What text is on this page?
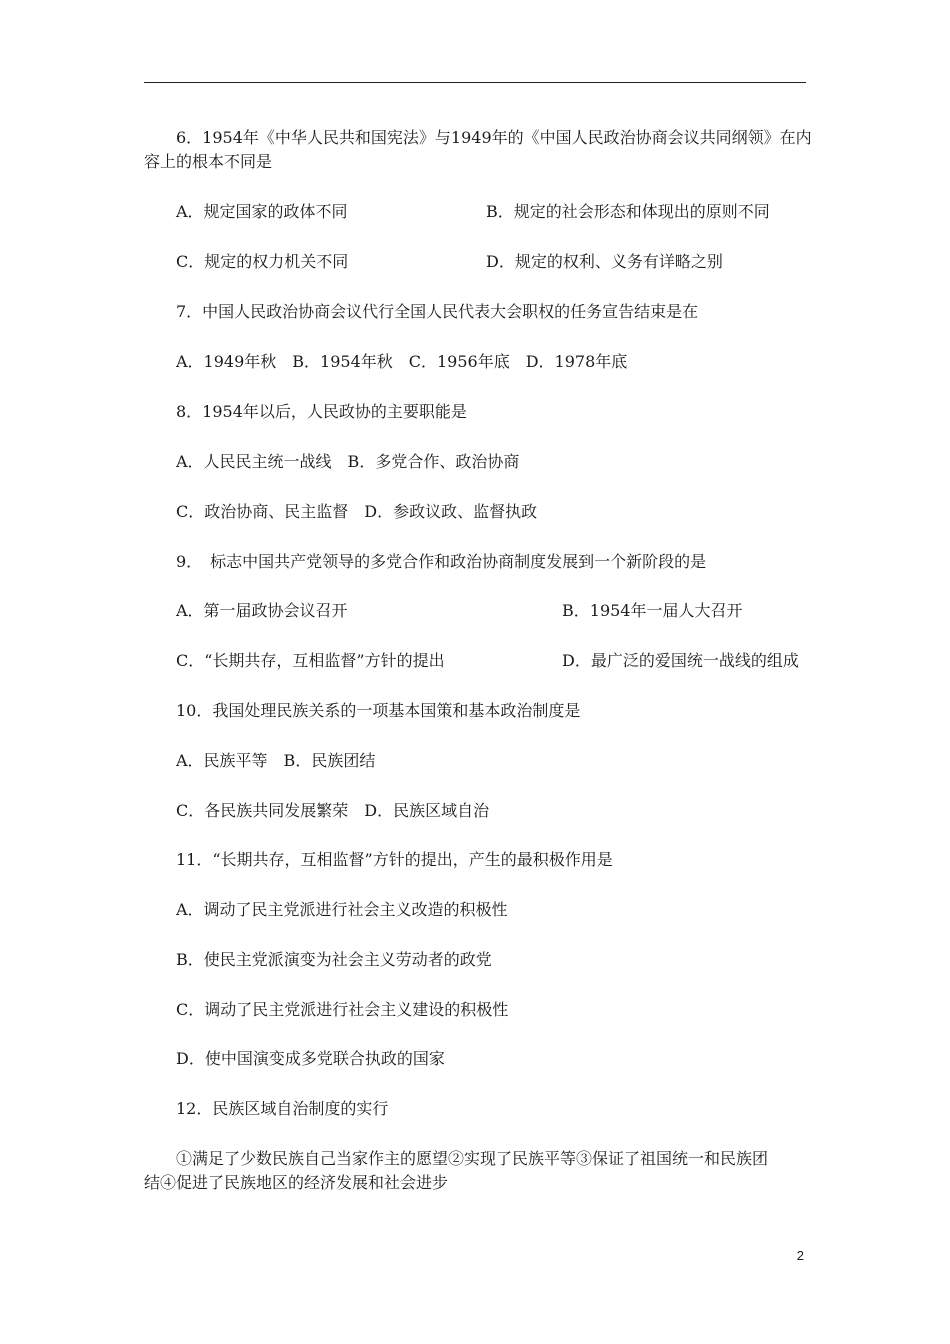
6．1954年《中华人民共和国宪法》与1949年的《中国人民政治协商会议共同纲领》在内
容上的根本不同是
A．规定国家的政体不同	B．规定的社会形态和体现出的原则不同
C．规定的权力机关不同	D．规定的权利、义务有详略之别
7．中国人民政治协商会议代行全国人民代表大会职权的任务宣告结束是在
A．1949年秋　B．1954年秋　C．1956年底　D．1978年底
8．1954年以后，人民政协的主要职能是
A．人民民主统一战线　B．多党合作、政治协商
C．政治协商、民主监督　D．参政议政、监督执政
9．　标志中国共产党领导的多党合作和政治协商制度发展到一个新阶段的是
A．第一届政协会议召开	B．1954年一届人大召开
C．“长期共存，互相监督”方针的提出	D．最广泛的爱国统一战线的组成
10．我国处理民族关系的一项基本国策和基本政治制度是
A．民族平等　B．民族团结
C．各民族共同发展繁荣　D．民族区域自治
11．“长期共存，互相监督”方针的提出，产生的最积极作用是
A．调动了民主党派进行社会主义改造的积极性
B．使民主党派演变为社会主义劳动者的政党
C．调动了民主党派进行社会主义建设的积极性
D．使中国演变成多党联合执政的国家
12．民族区域自治制度的实行
①满足了少数民族自己当家作主的愿望②实现了民族平等③保证了祖国统一和民族团
结④促进了民族地区的经济发展和社会进步
2
